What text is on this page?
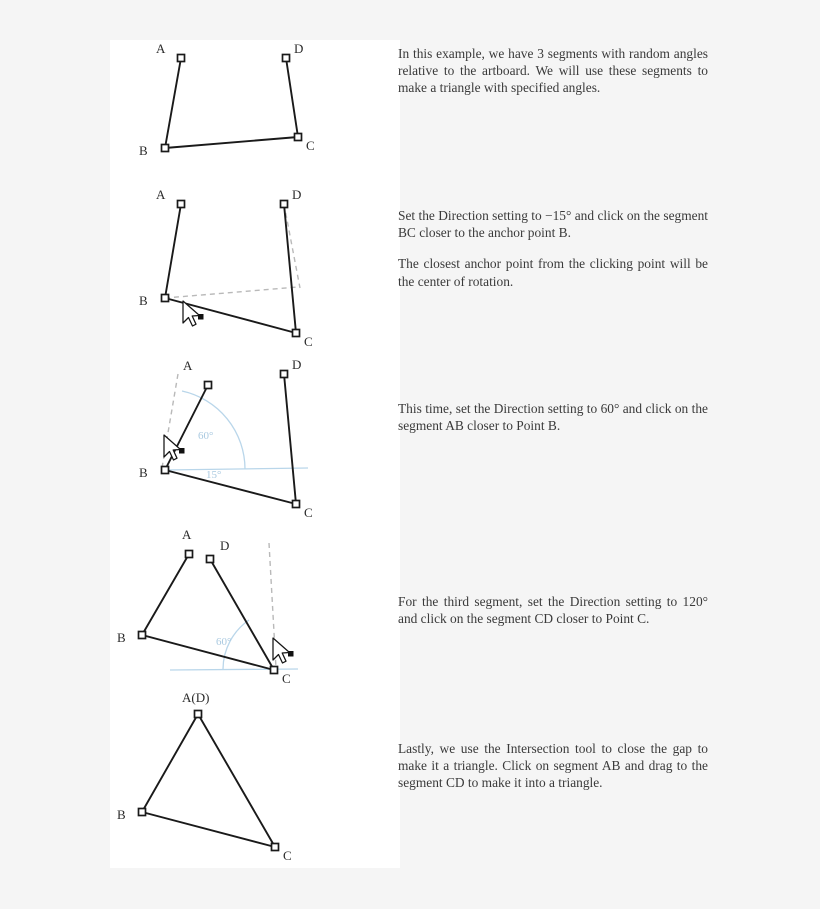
A
B	C
D	In this example, we have 3 segments with random angles relative to the artboard. We will use these segments to make a triangle with specified angles.

A
B
C
D

Set the Direction setting to −15° and click on the segment BC closer to the anchor point B.

The closest anchor point from the clicking point will be the center of rotation.

A
B
C
D
60°
15°

This time, set the Direction setting to 60° and click on the segment AB closer to Point B.

A
B
C
D
60°

For the third segment, set the Direction setting to 120° and click on the segment CD closer to Point C.

A(D)
B
C

Lastly, we use the Intersection tool to close the gap to make it a triangle. Click on segment AB and drag to the segment CD to make it into a triangle.
